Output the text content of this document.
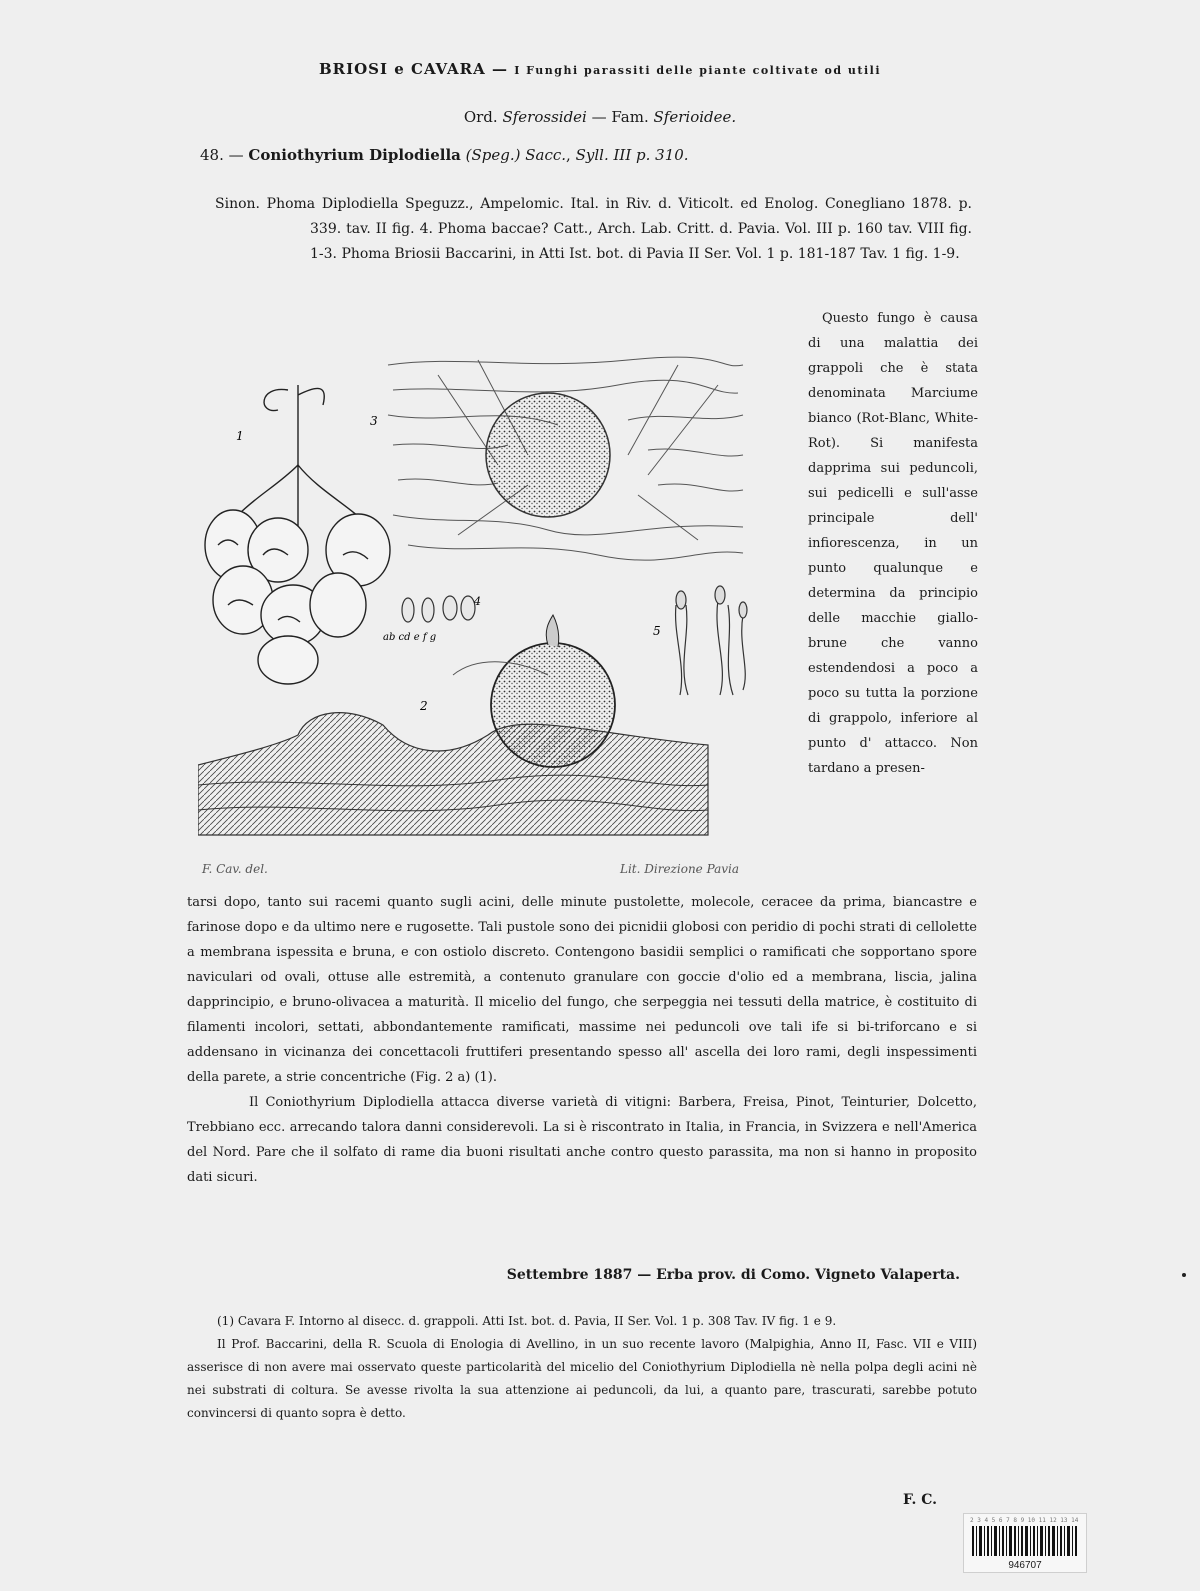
BRIOSI e CAVARA — I Funghi parassiti delle piante coltivate od utili
Ord. Sferossidei — Fam. Sferioidee.
48. — Coniothyrium Diplodiella (Speg.) Sacc., Syll. III p. 310.
Sinon. Phoma Diplodiella Speguzz., Ampelomic. Ital. in Riv. d. Viticolt. ed Enolog. Conegliano 1878. p. 339. tav. II fig. 4. Phoma baccae? Catt., Arch. Lab. Critt. d. Pavia. Vol. III p. 160 tav. VIII fig. 1-3. Phoma Briosii Baccarini, in Atti Ist. bot. di Pavia II Ser. Vol. 1 p. 181-187 Tav. 1 fig. 1-9.
1
3
4
ab cd e f g	5
2
F. Cav. del.	Lit. Direzione Pavia

Questo fungo è causa di una malattia dei grappoli che è stata denominata Marciume bianco (Rot-Blanc, White-Rot). Si manifesta dapprima sui peduncoli, sui pedicelli e sull'asse principale dell' infiorescenza, in un punto qualunque e determina da principio delle macchie giallo-brune che vanno estendendosi a poco a poco su tutta la porzione di grappolo, inferiore al punto d' attacco. Non tardano a presen-

tarsi dopo, tanto sui racemi quanto sugli acini, delle minute pustolette, molecole, ceracee da prima, biancastre e farinose dopo e da ultimo nere e rugosette. Tali pustole sono dei picnidii globosi con peridio di pochi strati di cellolette a membrana ispessita e bruna, e con ostiolo discreto. Contengono basidii semplici o ramificati che sopportano spore naviculari od ovali, ottuse alle estremità, a contenuto granulare con goccie d'olio ed a membrana, liscia, jalina dapprincipio, e bruno-olivacea a maturità. Il micelio del fungo, che serpeggia nei tessuti della matrice, è costituito di filamenti incolori, settati, abbondantemente ramificati, massime nei peduncoli ove tali ife si bi-triforcano e si addensano in vicinanza dei concettacoli fruttiferi presentando spesso all' ascella dei loro rami, degli inspessimenti della parete, a strie concentriche (Fig. 2 a) (1).

Il Coniothyrium Diplodiella attacca diverse varietà di vitigni: Barbera, Freisa, Pinot, Teinturier, Dolcetto, Trebbiano ecc. arrecando talora danni considerevoli. La si è riscontrato in Italia, in Francia, in Svizzera e nell'America del Nord. Pare che il solfato di rame dia buoni risultati anche contro questo parassita, ma non si hanno in proposito dati sicuri.

Settembre 1887 — Erba prov. di Como. Vigneto Valaperta.

(1) Cavara F. Intorno al disecc. d. grappoli. Atti Ist. bot. d. Pavia, II Ser. Vol. 1 p. 308 Tav. IV fig. 1 e 9.

Il Prof. Baccarini, della R. Scuola di Enologia di Avellino, in un suo recente lavoro (Malpighia, Anno II, Fasc. VII e VIII) asserisce di non avere mai osservato queste particolarità del micelio del Coniothyrium Diplodiella nè nella polpa degli acini nè nei substrati di coltura. Se avesse rivolta la sua attenzione ai peduncoli, da lui, a quanto pare, trascurati, sarebbe potuto convincersi di quanto sopra è detto.

F. C.
2 3 4 5 6 7 8 9 10 11 12 13 14
946707
